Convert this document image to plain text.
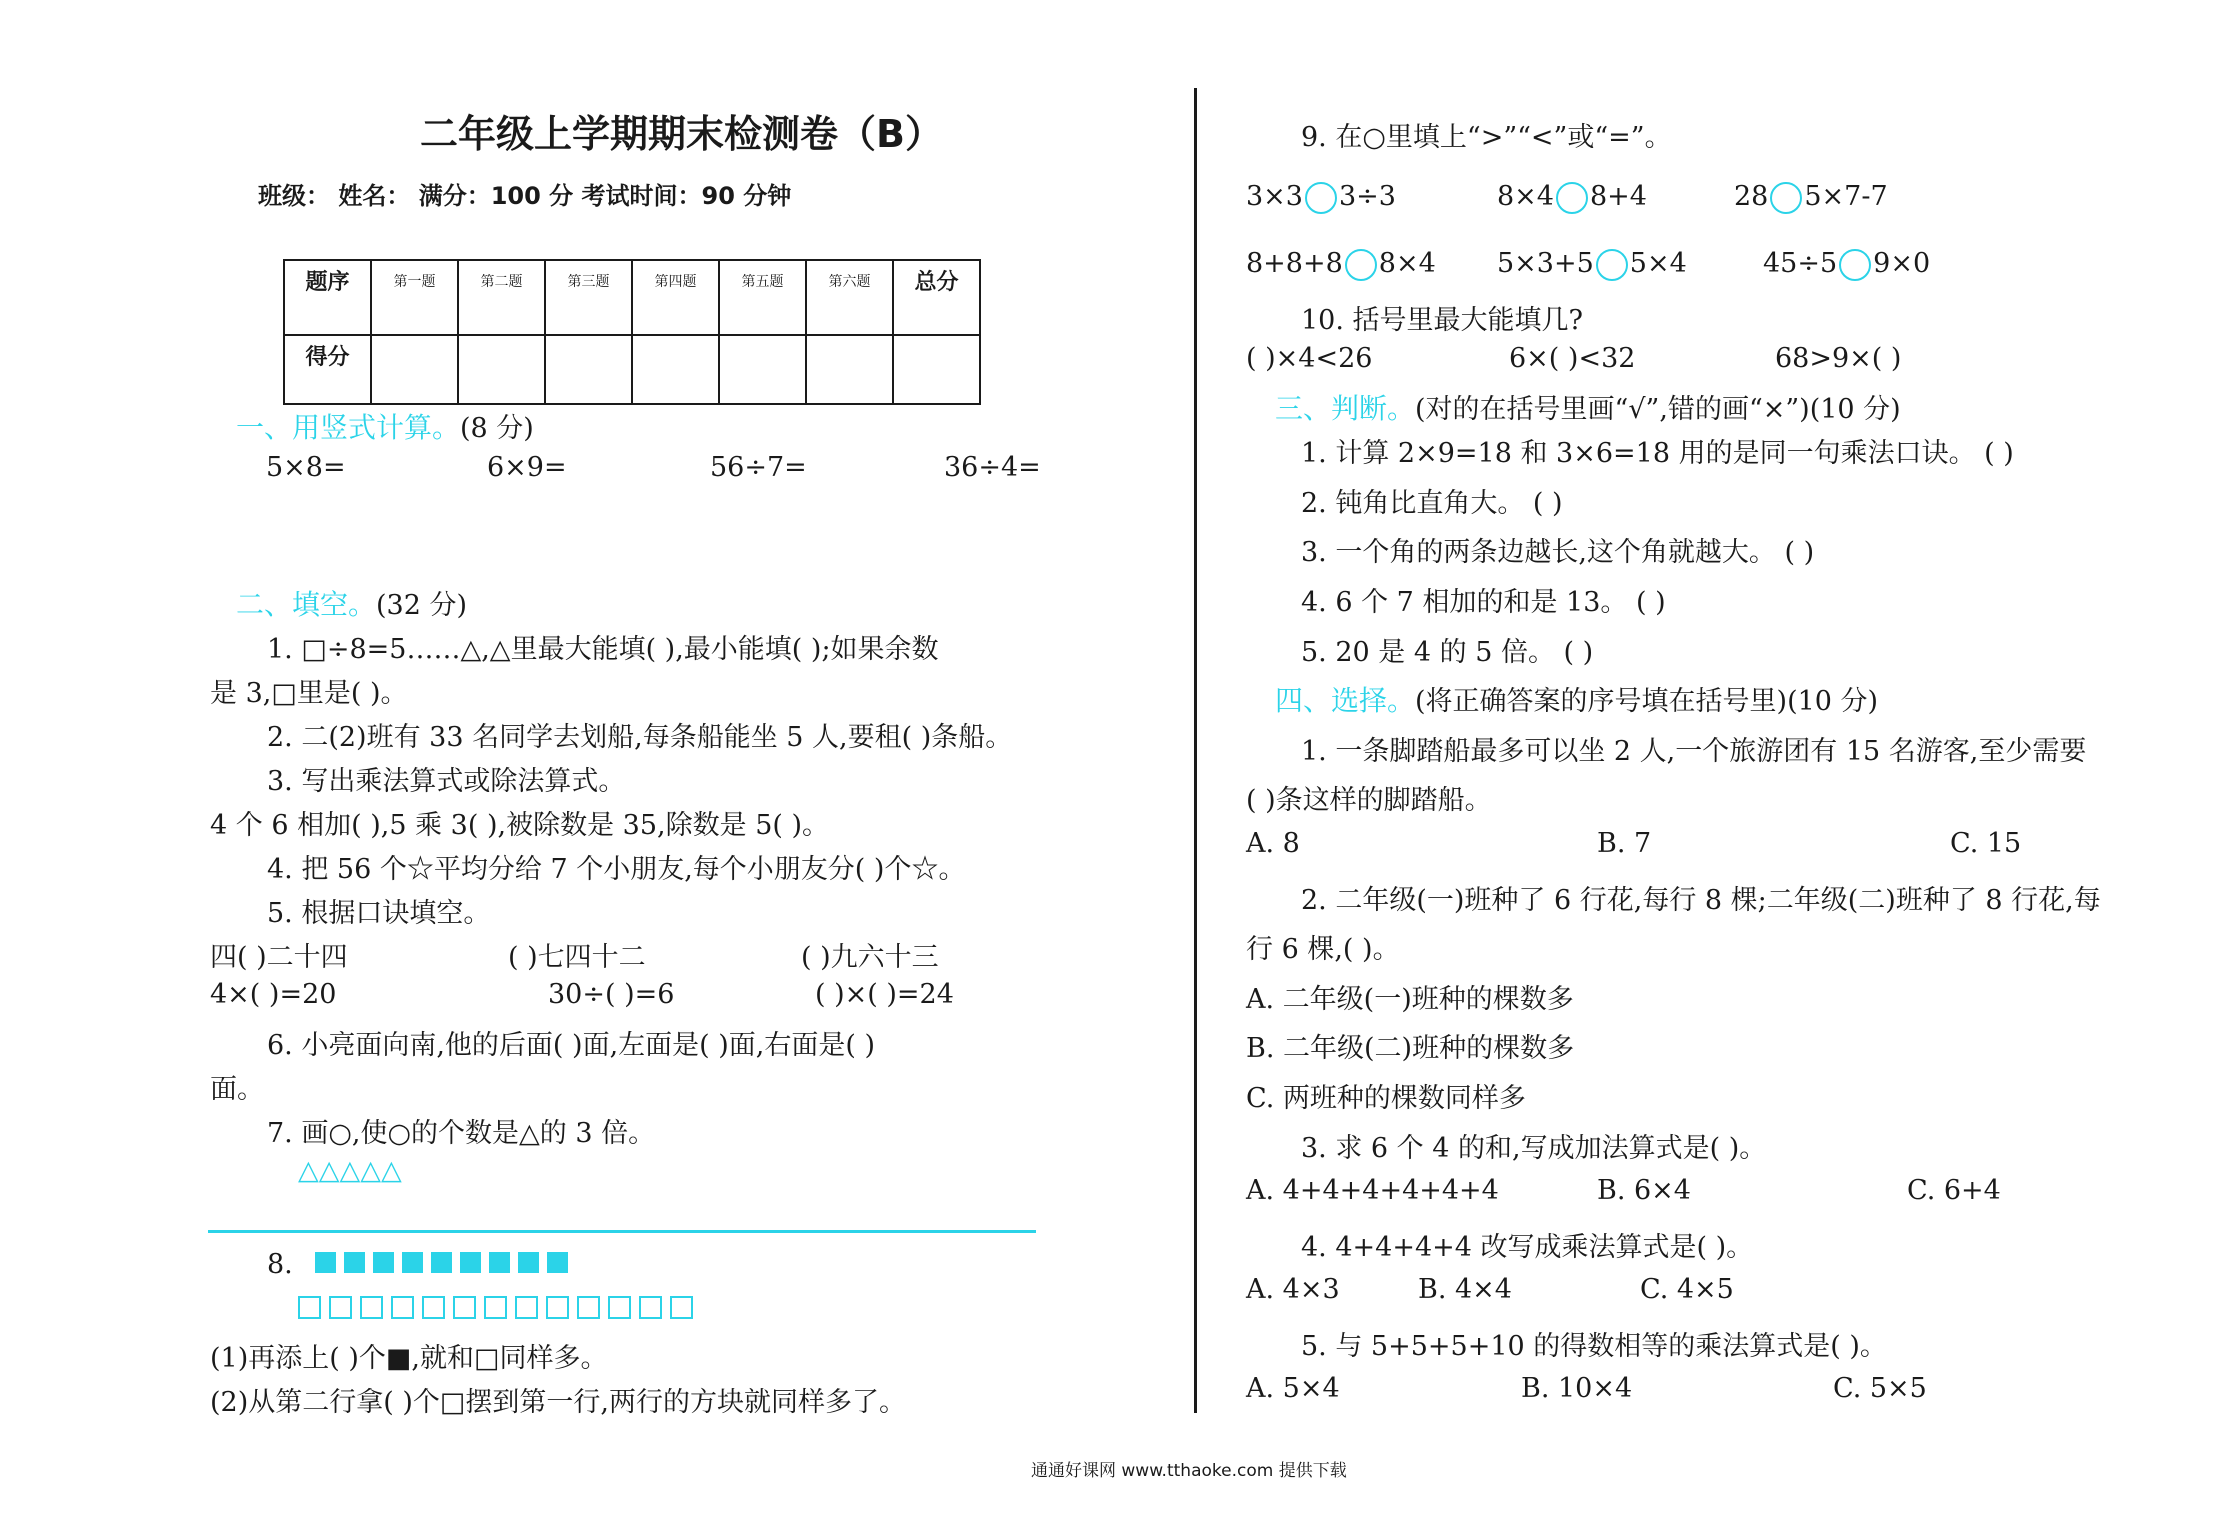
二年级上学期期末检测卷（B）
班级： 姓名： 满分：100 分 考试时间：90 分钟
题序	第一题	第二题	第三题	第四题	第五题	第六题	总分
得分							
一、用竖式计算。(8 分)
5×8=	6×9=	56÷7=	36÷4=
二、填空。(32 分)
1. □÷8=5……△,△里最大能填( ),最小能填( );如果余数
是 3,□里是( )。
2. 二(2)班有 33 名同学去划船,每条船能坐 5 人,要租( )条船。
3. 写出乘法算式或除法算式。
4 个 6 相加( ),5 乘 3( ),被除数是 35,除数是 5( )。
4. 把 56 个☆平均分给 7 个小朋友,每个小朋友分( )个☆。
5. 根据口诀填空。
四( )二十四	( )七四十二	( )九六十三
4×( )=20	30÷( )=6	( )×( )=24
6. 小亮面向南,他的后面( )面,左面是( )面,右面是( )
面。
7. 画○,使○的个数是△的 3 倍。
△△△△△
8.
(1)再添上( )个■,就和□同样多。
(2)从第二行拿( )个□摆到第一行,两行的方块就同样多了。
9. 在○里填上“>”“<”或“=”。
3×3 3÷3	8×4 8+4	28 5×7-7
8+8+8 8×4 5×3+5 5×4	45÷5 9×0
10. 括号里最大能填几?
( )×4<26	6×( )<32	68>9×( )
三、判断。(对的在括号里画“√”,错的画“×”)(10 分)
1. 计算 2×9=18 和 3×6=18 用的是同一句乘法口诀。 ( )
2. 钝角比直角大。 ( )
3. 一个角的两条边越长,这个角就越大。 ( )
4. 6 个 7 相加的和是 13。 ( )
5. 20 是 4 的 5 倍。 ( )
四、选择。(将正确答案的序号填在括号里)(10 分)
1. 一条脚踏船最多可以坐 2 人,一个旅游团有 15 名游客,至少需要
( )条这样的脚踏船。
A. 8	B. 7	C. 15
2. 二年级(一)班种了 6 行花,每行 8 棵;二年级(二)班种了 8 行花,每
行 6 棵,( )。
A. 二年级(一)班种的棵数多
B. 二年级(二)班种的棵数多
C. 两班种的棵数同样多
3. 求 6 个 4 的和,写成加法算式是( )。
A. 4+4+4+4+4+4	B. 6×4	C. 6+4
4. 4+4+4+4 改写成乘法算式是( )。
A. 4×3	B. 4×4	C. 4×5
5. 与 5+5+5+10 的得数相等的乘法算式是( )。
A. 5×4	B. 10×4	C. 5×5
通通好课网 www.tthaoke.com 提供下载
